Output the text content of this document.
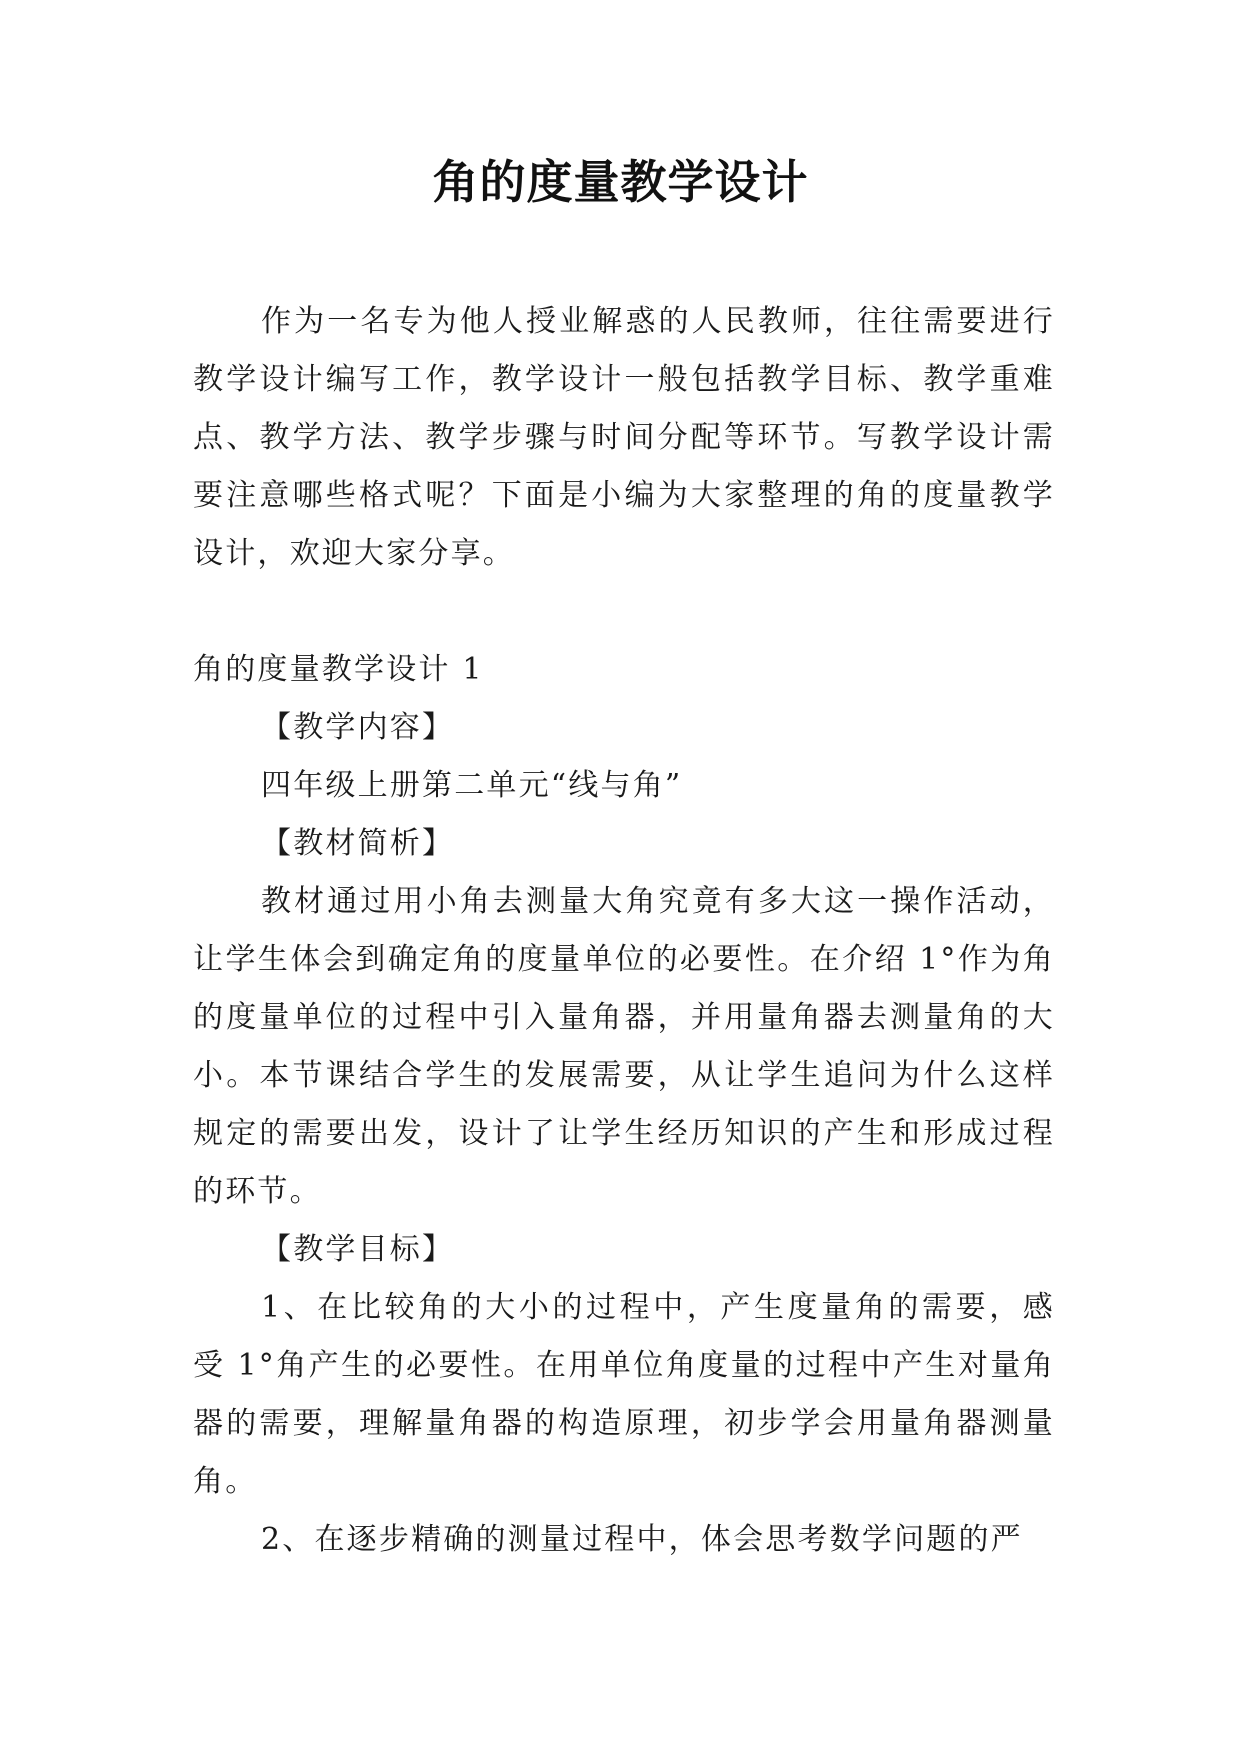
角的度量教学设计

作为一名专为他人授业解惑的人民教师，往往需要进行教学设计编写工作，教学设计一般包括教学目标、教学重难点、教学方法、教学步骤与时间分配等环节。写教学设计需要注意哪些格式呢？下面是小编为大家整理的角的度量教学设计，欢迎大家分享。

角的度量教学设计 1

【教学内容】

四年级上册第二单元“线与角”

【教材简析】

教材通过用小角去测量大角究竟有多大这一操作活动，让学生体会到确定角的度量单位的必要性。在介绍 1°作为角的度量单位的过程中引入量角器，并用量角器去测量角的大小。本节课结合学生的发展需要，从让学生追问为什么这样规定的需要出发，设计了让学生经历知识的产生和形成过程的环节。

【教学目标】

1、在比较角的大小的过程中，产生度量角的需要，感受 1°角产生的必要性。在用单位角度量的过程中产生对量角器的需要，理解量角器的构造原理，初步学会用量角器测量角。

2、在逐步精确的测量过程中，体会思考数学问题的严
